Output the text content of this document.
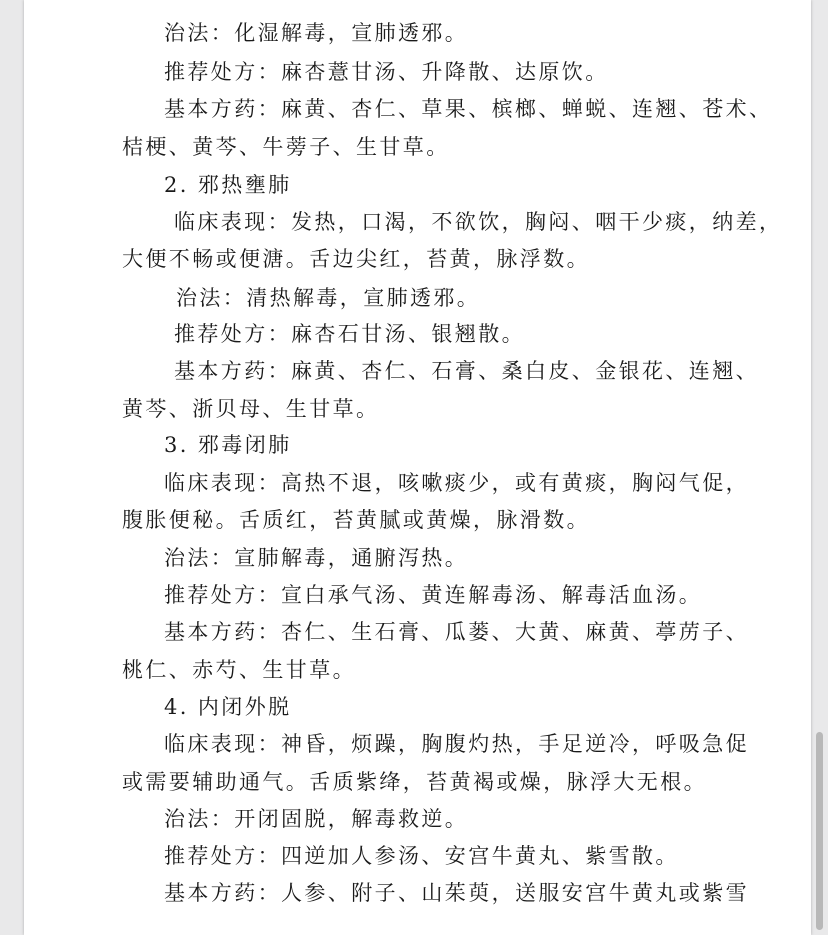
治法：化湿解毒，宣肺透邪。
推荐处方：麻杏薏甘汤、升降散、达原饮。
基本方药：麻黄、杏仁、草果、槟榔、蝉蜕、连翘、苍术、
桔梗、黄芩、牛蒡子、生甘草。
2. 邪热壅肺
临床表现：发热，口渴，不欲饮，胸闷、咽干少痰，纳差，
大便不畅或便溏。舌边尖红，苔黄，脉浮数。
治法：清热解毒，宣肺透邪。
推荐处方：麻杏石甘汤、银翘散。
基本方药：麻黄、杏仁、石膏、桑白皮、金银花、连翘、
黄芩、浙贝母、生甘草。
3. 邪毒闭肺
临床表现：高热不退，咳嗽痰少，或有黄痰，胸闷气促，
腹胀便秘。舌质红，苔黄腻或黄燥，脉滑数。
治法：宣肺解毒，通腑泻热。
推荐处方：宣白承气汤、黄连解毒汤、解毒活血汤。
基本方药：杏仁、生石膏、瓜蒌、大黄、麻黄、葶苈子、
桃仁、赤芍、生甘草。
4. 内闭外脱
临床表现：神昏，烦躁，胸腹灼热，手足逆冷，呼吸急促
或需要辅助通气。舌质紫绛，苔黄褐或燥，脉浮大无根。
治法：开闭固脱，解毒救逆。
推荐处方：四逆加人参汤、安宫牛黄丸、紫雪散。
基本方药：人参、附子、山茱萸，送服安宫牛黄丸或紫雪
